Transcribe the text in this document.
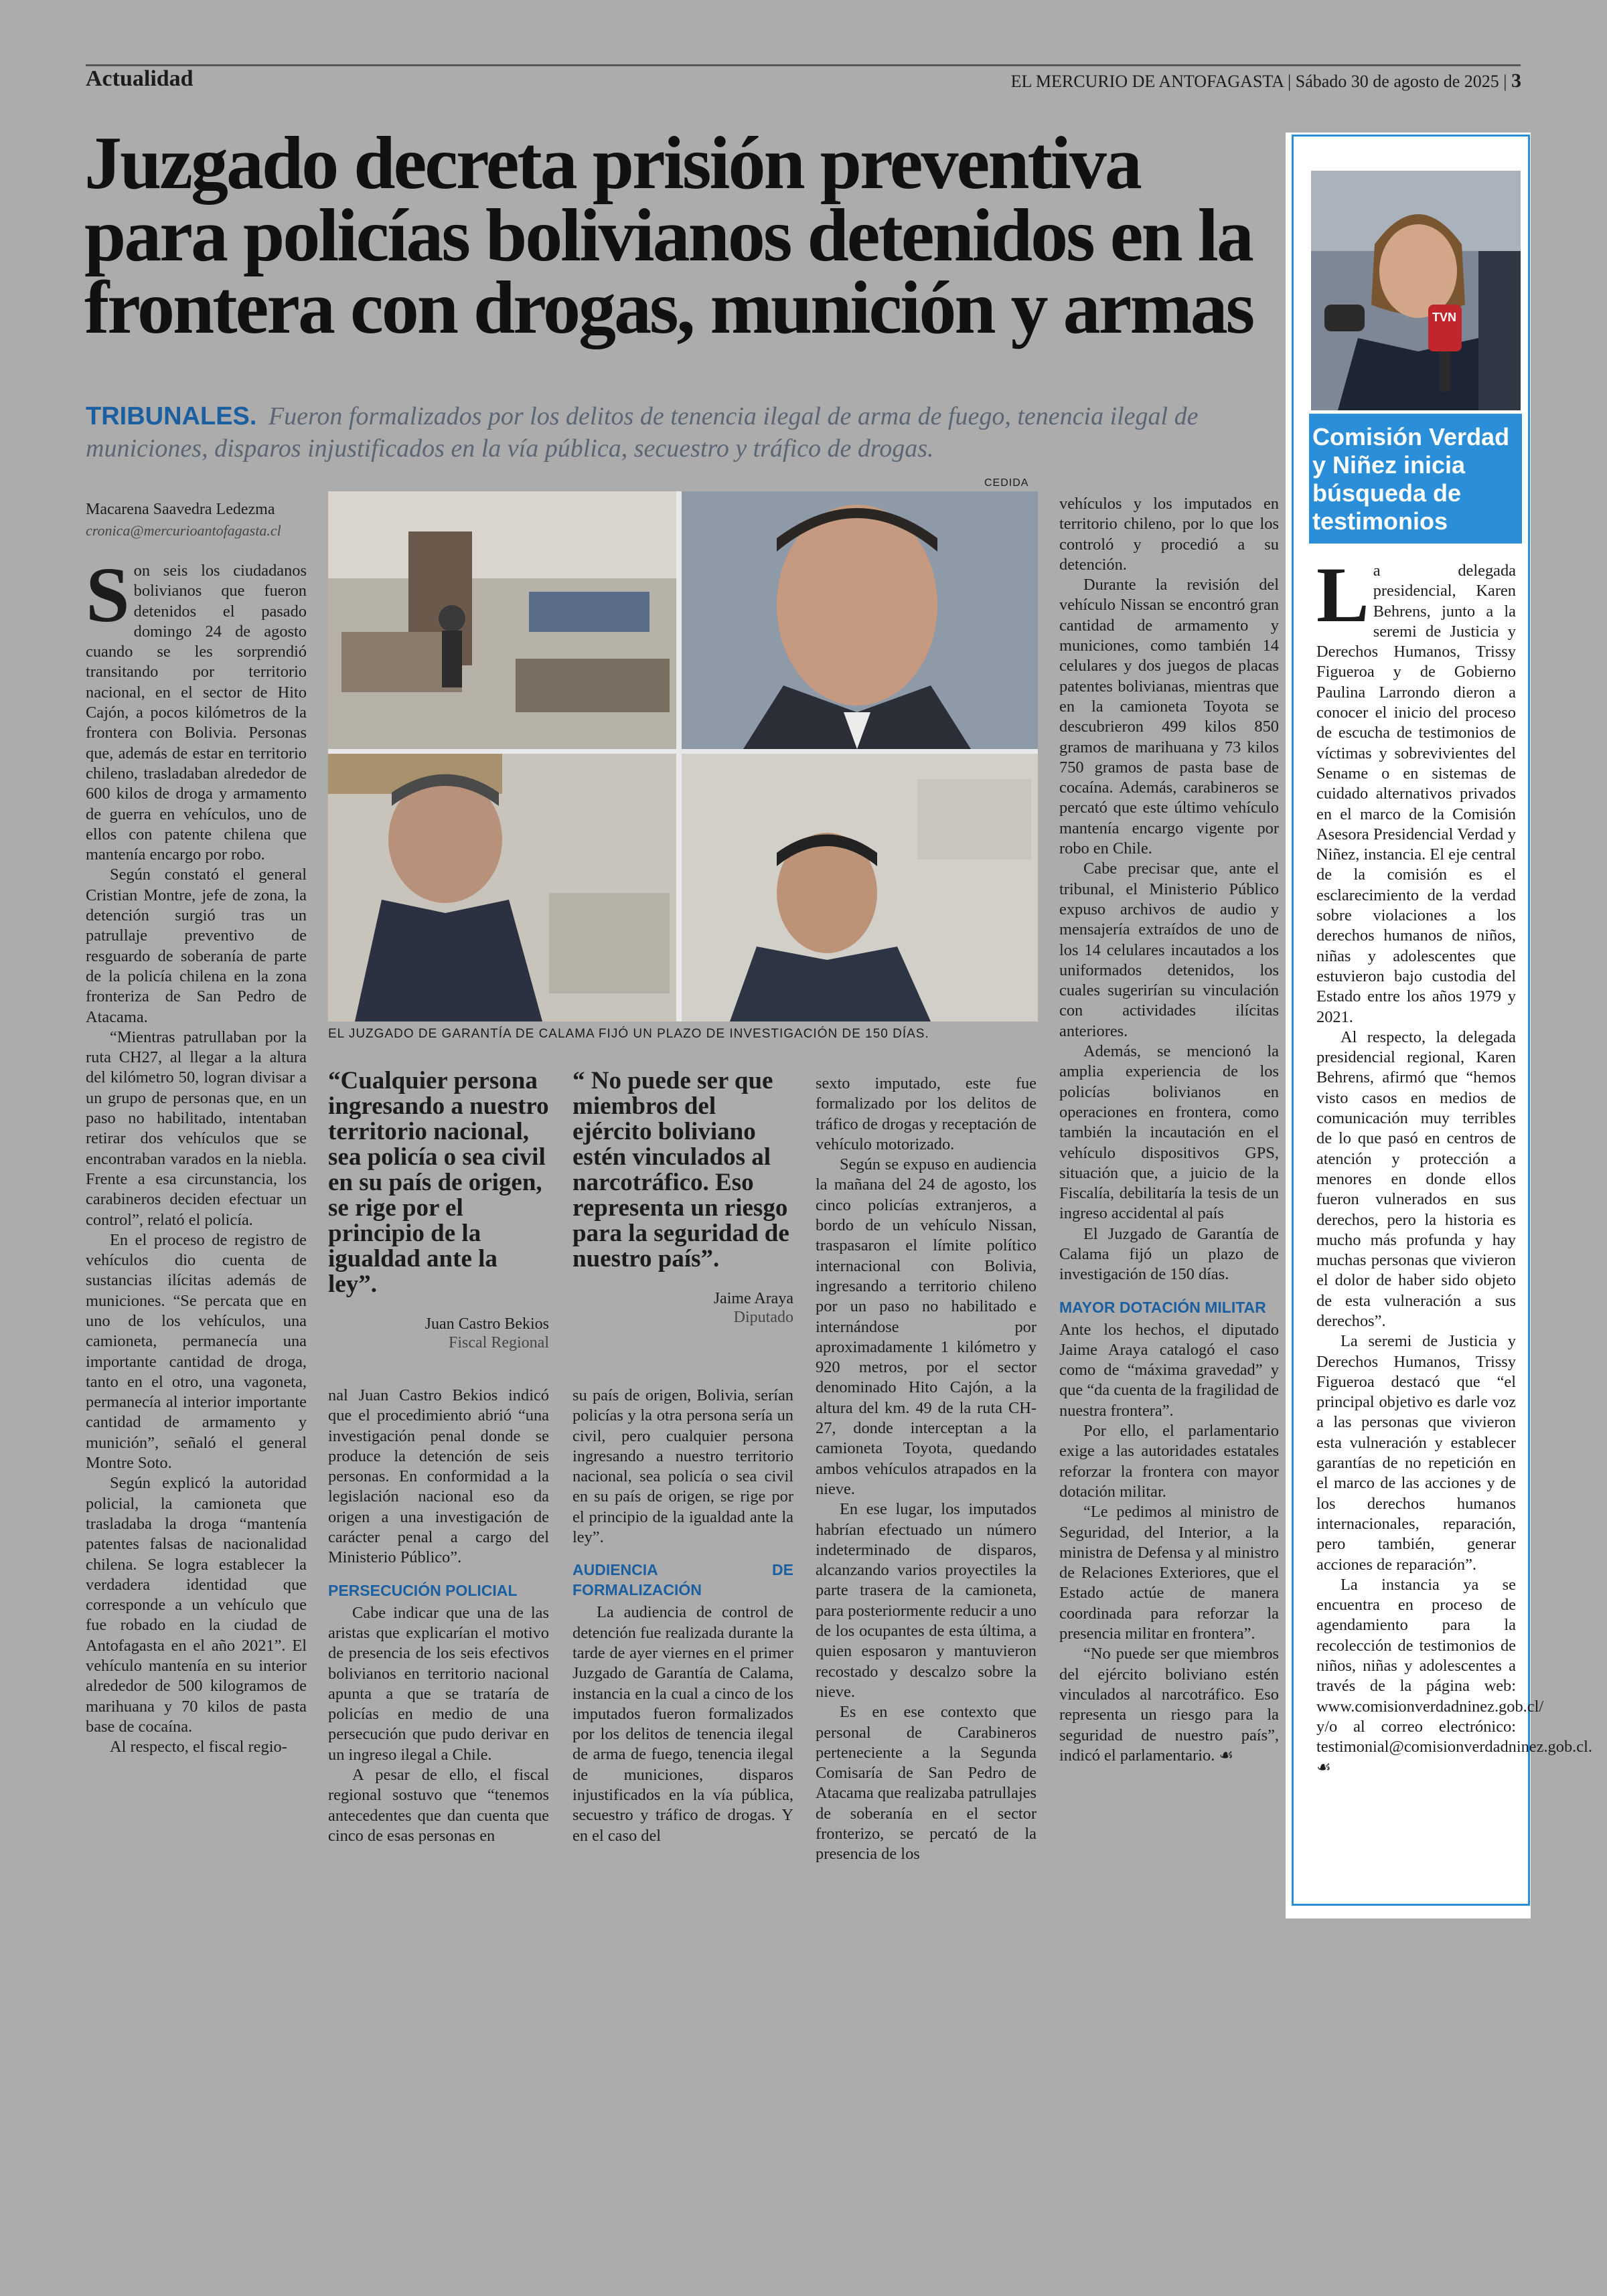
Actualidad	EL MERCURIO DE ANTOFAGASTA | Sábado 30 de agosto de 2025 | 3
Juzgado decreta prisión preventiva para policías bolivianos detenidos en la frontera con drogas, munición y armas
TRIBUNALES. Fueron formalizados por los delitos de tenencia ilegal de arma de fuego, tenencia ilegal de municiones, disparos injustificados en la vía pública, secuestro y tráfico de drogas.
Macarena Saavedra Ledezma
cronica@mercurioantofagasta.cl
S on seis los ciudadanos bolivianos que fueron detenidos el pasado domingo 24 de agosto cuando se les sorprendió transitando por territorio nacional, en el sector de Hito Cajón, a pocos kilómetros de la frontera con Bolivia. Personas que, además de estar en territorio chileno, trasladaban alrededor de 600 kilos de droga y armamento de guerra en vehículos, uno de ellos con patente chilena que mantenía encargo por robo.

Según constató el general Cristian Montre, jefe de zona, la detención surgió tras un patrullaje preventivo de resguardo de soberanía de parte de la policía chilena en la zona fronteriza de San Pedro de Atacama.

“Mientras patrullaban por la ruta CH27, al llegar a la altura del kilómetro 50, logran divisar a un grupo de personas que, en un paso no habilitado, intentaban retirar dos vehículos que se encontraban varados en la niebla. Frente a esa circunstancia, los carabineros deciden efectuar un control”, relató el policía.

En el proceso de registro de vehículos dio cuenta de sustancias ilícitas además de municiones. “Se percata que en uno de los vehículos, una camioneta, permanecía una importante cantidad de droga, tanto en el otro, una vagoneta, permanecía al interior importante cantidad de armamento y munición”, señaló el general Montre Soto.

Según explicó la autoridad policial, la camioneta que trasladaba la droga “mantenía patentes falsas de nacionalidad chilena. Se logra establecer la verdadera identidad que corresponde a un vehículo que fue robado en la ciudad de Antofagasta en el año 2021”. El vehículo mantenía en su interior alrededor de 500 kilogramos de marihuana y 70 kilos de pasta base de cocaína.

Al respecto, el fiscal regio-

CEDIDA
EL JUZGADO DE GARANTÍA DE CALAMA FIJÓ UN PLAZO DE INVESTIGACIÓN DE 150 DÍAS.
“Cualquier persona ingresando a nuestro territorio nacional, sea policía o sea civil en su país de origen, se rige por el principio de la igualdad ante la ley”.
Juan Castro Bekios
Fiscal Regional
“ No puede ser que miembros del ejército boliviano estén vinculados al narcotráfico. Eso representa un riesgo para la seguridad de nuestro país”.
Jaime Araya
Diputado

nal Juan Castro Bekios indicó que el procedimiento abrió “una investigación penal donde se produce la detención de seis personas. En conformidad a la legislación nacional eso da origen a una investigación de carácter penal a cargo del Ministerio Público”.

PERSECUCIÓN POLICIAL

Cabe indicar que una de las aristas que explicarían el motivo de presencia de los seis efectivos bolivianos en territorio nacional apunta a que se trataría de policías en medio de una persecución que pudo derivar en un ingreso ilegal a Chile.

A pesar de ello, el fiscal regional sostuvo que “tenemos antecedentes que dan cuenta que cinco de esas personas en

su país de origen, Bolivia, serían policías y la otra persona sería un civil, pero cualquier persona ingresando a nuestro territorio nacional, sea policía o sea civil en su país de origen, se rige por el principio de la igualdad ante la ley”.

AUDIENCIA DE FORMALIZACIÓN

La audiencia de control de detención fue realizada durante la tarde de ayer viernes en el primer Juzgado de Garantía de Calama, instancia en la cual a cinco de los imputados fueron formalizados por los delitos de tenencia ilegal de arma de fuego, tenencia ilegal de municiones, disparos injustificados en la vía pública, secuestro y tráfico de drogas. Y en el caso del

sexto imputado, este fue formalizado por los delitos de tráfico de drogas y receptación de vehículo motorizado.

Según se expuso en audiencia la mañana del 24 de agosto, los cinco policías extranjeros, a bordo de un vehículo Nissan, traspasaron el límite político internacional con Bolivia, ingresando a territorio chileno por un paso no habilitado e internándose por aproximadamente 1 kilómetro y 920 metros, por el sector denominado Hito Cajón, a la altura del km. 49 de la ruta CH-27, donde interceptan a la camioneta Toyota, quedando ambos vehículos atrapados en la nieve.

En ese lugar, los imputados habrían efectuado un número indeterminado de disparos, alcanzando varios proyectiles la parte trasera de la camioneta, para posteriormente reducir a uno de los ocupantes de esta última, a quien esposaron y mantuvieron recostado y descalzo sobre la nieve.

Es en ese contexto que personal de Carabineros perteneciente a la Segunda Comisaría de San Pedro de Atacama que realizaba patrullajes de soberanía en el sector fronterizo, se percató de la presencia de los

vehículos y los imputados en territorio chileno, por lo que los controló y procedió a su detención.

Durante la revisión del vehículo Nissan se encontró gran cantidad de armamento y municiones, como también 14 celulares y dos juegos de placas patentes bolivianas, mientras que en la camioneta Toyota se descubrieron 499 kilos 850 gramos de marihuana y 73 kilos 750 gramos de pasta base de cocaína. Además, carabineros se percató que este último vehículo mantenía encargo vigente por robo en Chile.

Cabe precisar que, ante el tribunal, el Ministerio Público expuso archivos de audio y mensajería extraídos de uno de los 14 celulares incautados a los uniformados detenidos, los cuales sugerirían su vinculación con actividades ilícitas anteriores.

Además, se mencionó la amplia experiencia de los policías bolivianos en operaciones en frontera, como también la incautación en el vehículo dispositivos GPS, situación que, a juicio de la Fiscalía, debilitaría la tesis de un ingreso accidental al país

El Juzgado de Garantía de Calama fijó un plazo de investigación de 150 días.

MAYOR DOTACIÓN MILITAR

Ante los hechos, el diputado Jaime Araya catalogó el caso como de “máxima gravedad” y que “da cuenta de la fragilidad de nuestra frontera”.

Por ello, el parlamentario exige a las autoridades estatales reforzar la frontera con mayor dotación militar.

“Le pedimos al ministro de Seguridad, del Interior, a la ministra de Defensa y al ministro de Relaciones Exteriores, que el Estado actúe de manera coordinada para reforzar la presencia militar en frontera”.

“No puede ser que miembros del ejército boliviano estén vinculados al narcotráfico. Eso representa un riesgo para la seguridad de nuestro país”, indicó el parlamentario. ☙

TVN
Comisión Verdad y Niñez inicia búsqueda de testimonios
L a delegada presidencial, Karen Behrens, junto a la seremi de Justicia y Derechos Humanos, Trissy Figueroa y de Gobierno Paulina Larrondo dieron a conocer el inicio del proceso de escucha de testimonios de víctimas y sobrevivientes del Sename o en sistemas de cuidado alternativos privados en el marco de la Comisión Asesora Presidencial Verdad y Niñez, instancia. El eje central de la comisión es el esclarecimiento de la verdad sobre violaciones a los derechos humanos de niños, niñas y adolescentes que estuvieron bajo custodia del Estado entre los años 1979 y 2021.

Al respecto, la delegada presidencial regional, Karen Behrens, afirmó que “hemos visto casos en medios de comunicación muy terribles de lo que pasó en centros de atención y protección a menores en donde ellos fueron vulnerados en sus derechos, pero la historia es mucho más profunda y hay muchas personas que vivieron el dolor de haber sido objeto de esta vulneración a sus derechos”.

La seremi de Justicia y Derechos Humanos, Trissy Figueroa destacó que “el principal objetivo es darle voz a las personas que vivieron esta vulneración y establecer garantías de no repetición en el marco de las acciones y de los derechos humanos internacionales, reparación, pero también, generar acciones de reparación”.

La instancia ya se encuentra en proceso de agendamiento para la recolección de testimonios de niños, niñas y adolescentes a través de la página web: www.comisionverdadninez.gob.cl/ y/o al correo electrónico: testimonial@comisionverdadninez.gob.cl. ☙
